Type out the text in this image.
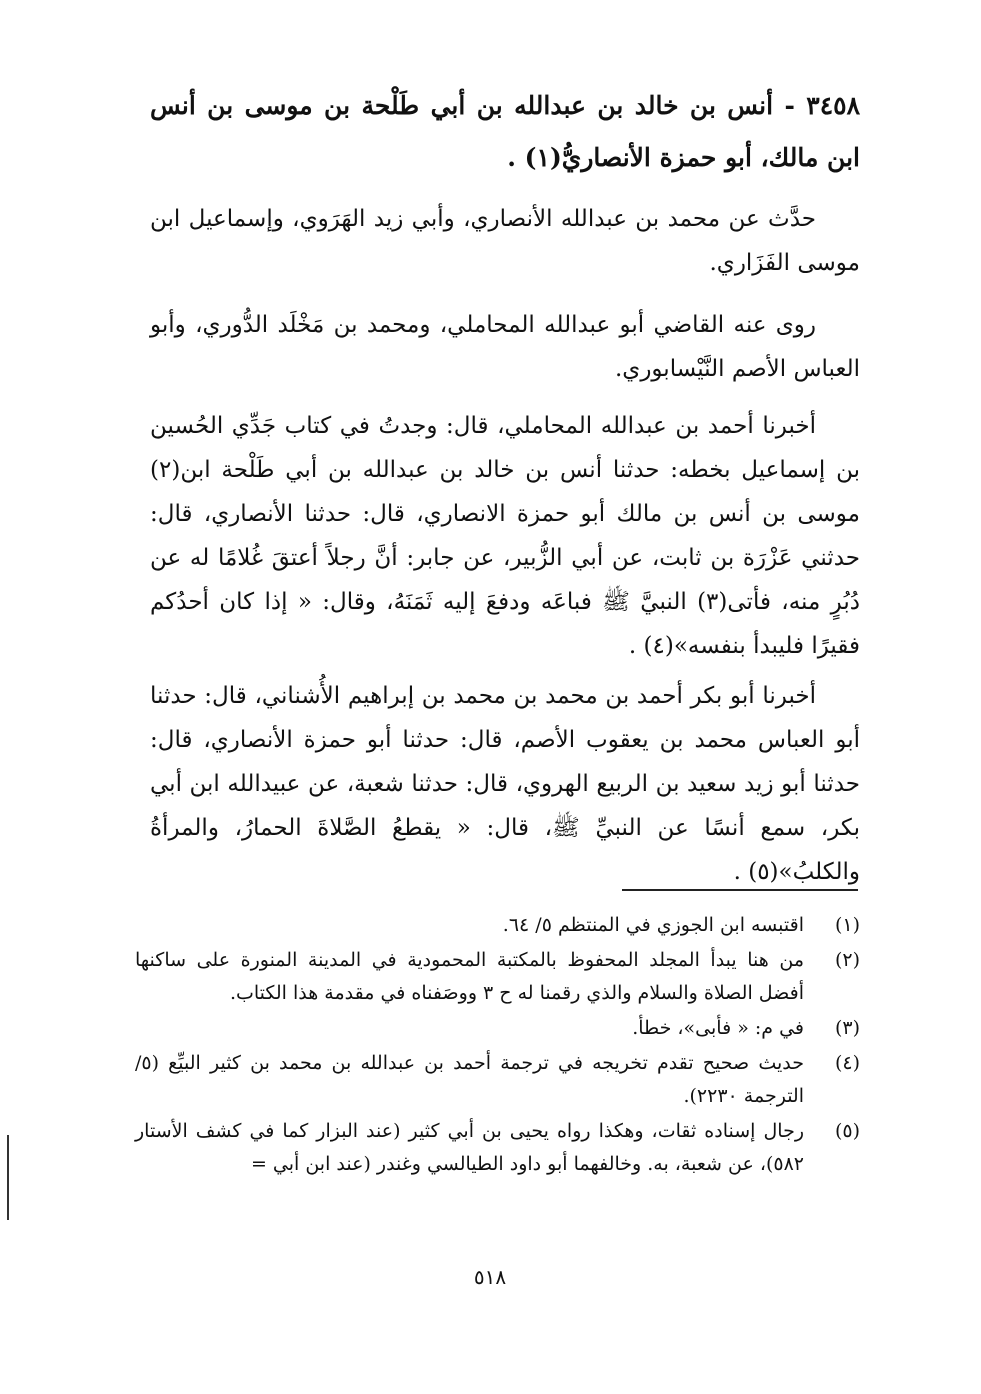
٣٤٥٨ - أنس بن خالد بن عبدالله بن أبي طَلْحة بن موسى بن أنس ابن مالك، أبو حمزة الأنصاريُّ(١) .

حدَّث عن محمد بن عبدالله الأنصاري، وأبي زيد الهَرَوي، وإسماعيل ابن موسى الفَزَاري.

روى عنه القاضي أبو عبدالله المحاملي، ومحمد بن مَخْلَد الدُّوري، وأبو العباس الأصم النَّيْسابوري.

أخبرنا أحمد بن عبدالله المحاملي، قال: وجدتُ في كتاب جَدِّي الحُسين بن إسماعيل بخطه: حدثنا أنس بن خالد بن عبدالله بن أبي طَلْحة ابن(٢) موسى بن أنس بن مالك أبو حمزة الانصاري، قال: حدثنا الأنصاري، قال: حدثني عَزْرَة بن ثابت، عن أبي الزُّبير، عن جابر: أنَّ رجلاً أعتقَ غُلامًا له عن دُبُرٍ منه، فأتى(٣) النبيَّ ﷺ فباعَه ودفعَ إليه ثَمَنَهُ، وقال: « إذا كان أحدُكم فقيرًا فليبدأ بنفسه»(٤) .

أخبرنا أبو بكر أحمد بن محمد بن محمد بن إبراهيم الأُشناني، قال: حدثنا أبو العباس محمد بن يعقوب الأصم، قال: حدثنا أبو حمزة الأنصاري، قال: حدثنا أبو زيد سعيد بن الربيع الهروي، قال: حدثنا شعبة، عن عبيدالله ابن أبي بكر، سمع أنسًا عن النبيِّ ﷺ، قال: « يقطعُ الصَّلاةَ الحمارُ، والمرأةُ والكلبُ»(٥) .

(١)
اقتبسه ابن الجوزي في المنتظم ٥/ ٦٤.
(٢)
من هنا يبدأ المجلد المحفوظ بالمكتبة المحمودية في المدينة المنورة على ساكنها أفضل الصلاة والسلام والذي رقمنا له ح ٣ ووصَفناه في مقدمة هذا الكتاب.
(٣)
في م: « فأبى»، خطأ.
(٤)
حديث صحيح تقدم تخريجه في ترجمة أحمد بن عبدالله بن محمد بن كثير البيِّع (٥/الترجمة ٢٢٣٠).
(٥)
رجال إسناده ثقات، وهكذا رواه يحيى بن أبي كثير (عند البزار كما في كشف الأستار ٥٨٢)، عن شعبة، به. وخالفهما أبو داود الطيالسي وغندر (عند ابن أبي =
٥١٨
